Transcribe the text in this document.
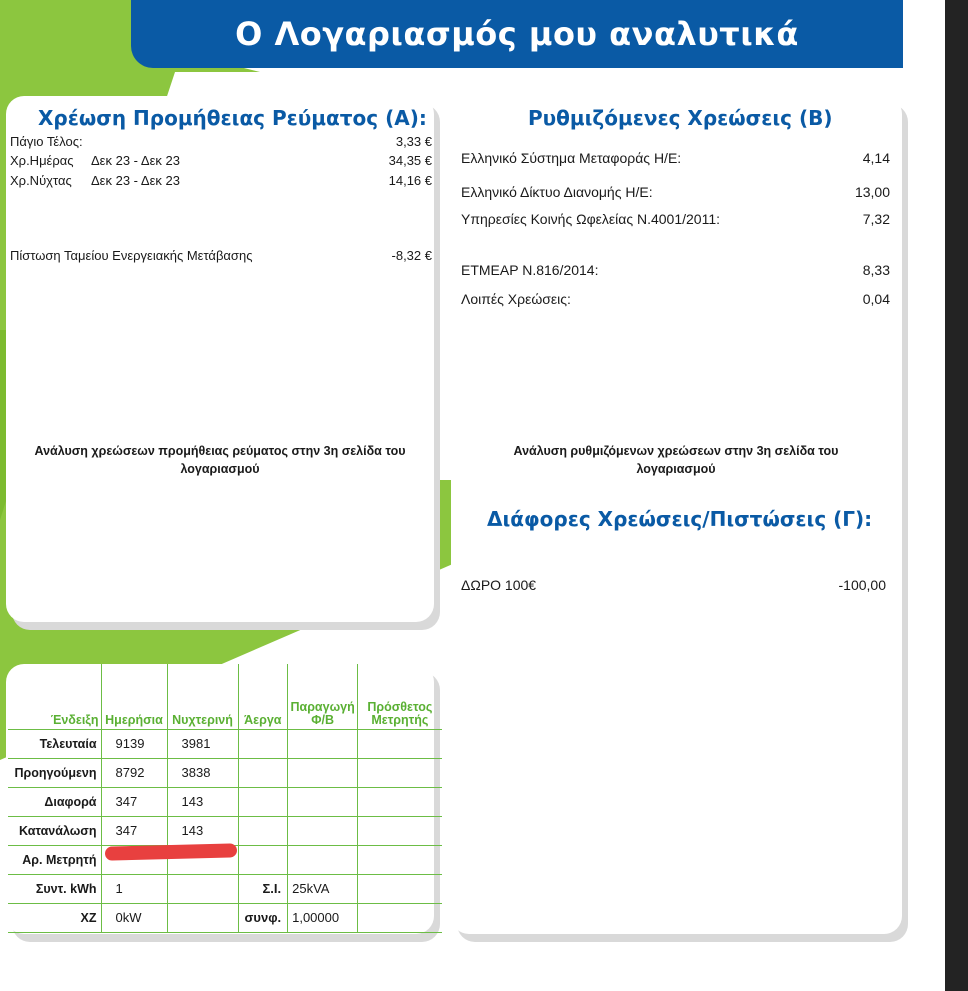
Ο Λογαριασμός μου αναλυτικά
Χρέωση Προμήθειας Ρεύματος (Α):
Πάγιο Τέλος:	3,33 €
Χρ.Ημέρας Δεκ 23 - Δεκ 23	34,35 €
Χρ.Νύχτας Δεκ 23 - Δεκ 23	14,16 €
Πίστωση Ταμείου Ενεργειακής Μετάβασης	-8,32 €
Ανάλυση χρεώσεων προμήθειας ρεύματος στην 3η σελίδα του λογαριασμού
Ρυθμιζόμενες Χρεώσεις (Β)
Ελληνικό Σύστημα Μεταφοράς Η/Ε:	4,14
Ελληνικό Δίκτυο Διανομής Η/Ε:	13,00
Υπηρεσίες Κοινής Ωφελείας Ν.4001/2011:	7,32
ΕΤΜΕΑΡ Ν.816/2014:	8,33
Λοιπές Χρεώσεις:	0,04
Ανάλυση ρυθμιζόμενων χρεώσεων στην 3η σελίδα του λογαριασμού
Διάφορες Χρεώσεις/Πιστώσεις (Γ):
ΔΩΡΟ 100€	-100,00
Ένδειξη	Ημερήσια	Νυχτερινή	Άεργα	Παραγωγή Φ/Β	Πρόσθετος Μετρητής
Τελευταία	9139	3981			
Προηγούμενη	8792	3838			
Διαφορά	347	143			
Κατανάλωση	347	143			
Αρ. Μετρητή					
Συντ. kWh	1		Σ.Ι.	25kVA	
ΧΖ	0kW		συνφ.	1,00000	
